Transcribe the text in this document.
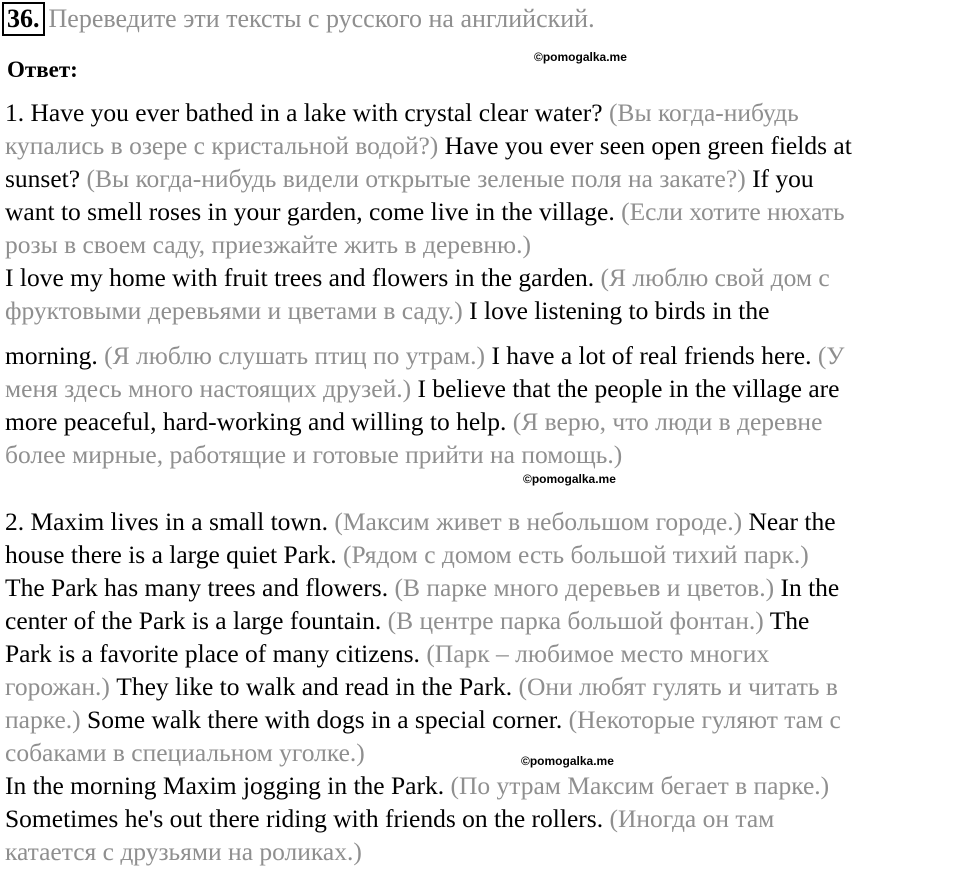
36. Переведите эти тексты с русского на английский.
©pomogalka.me
Ответ:
1. Have you ever bathed in a lake with crystal clear water? (Вы когда-нибудь
купались в озере с кристальной водой?) Have you ever seen open green fields at
sunset? (Вы когда-нибудь видели открытые зеленые поля на закате?) If you
want to smell roses in your garden, come live in the village. (Если хотите нюхать
розы в своем саду, приезжайте жить в деревню.)
I love my home with fruit trees and flowers in the garden. (Я люблю свой дом с
фруктовыми деревьями и цветами в саду.) I love listening to birds in the
morning. (Я люблю слушать птиц по утрам.) I have a lot of real friends here. (У
меня здесь много настоящих друзей.) I believe that the people in the village are
more peaceful, hard-working and willing to help. (Я верю, что люди в деревне
более мирные, работящие и готовые прийти на помощь.)
2. Maxim lives in a small town. (Максим живет в небольшом городе.) Near the
house there is a large quiet Park. (Рядом с домом есть большой тихий парк.)
The Park has many trees and flowers. (В парке много деревьев и цветов.) In the
center of the Park is a large fountain. (В центре парка большой фонтан.) The
Park is a favorite place of many citizens. (Парк – любимое место многих
горожан.) They like to walk and read in the Park. (Они любят гулять и читать в
парке.) Some walk there with dogs in a special corner. (Некоторые гуляют там с
собаками в специальном уголке.)
In the morning Maxim jogging in the Park. (По утрам Максим бегает в парке.)
Sometimes he's out there riding with friends on the rollers. (Иногда он там
катается с друзьями на роликах.)
©pomogalka.me
©pomogalka.me
